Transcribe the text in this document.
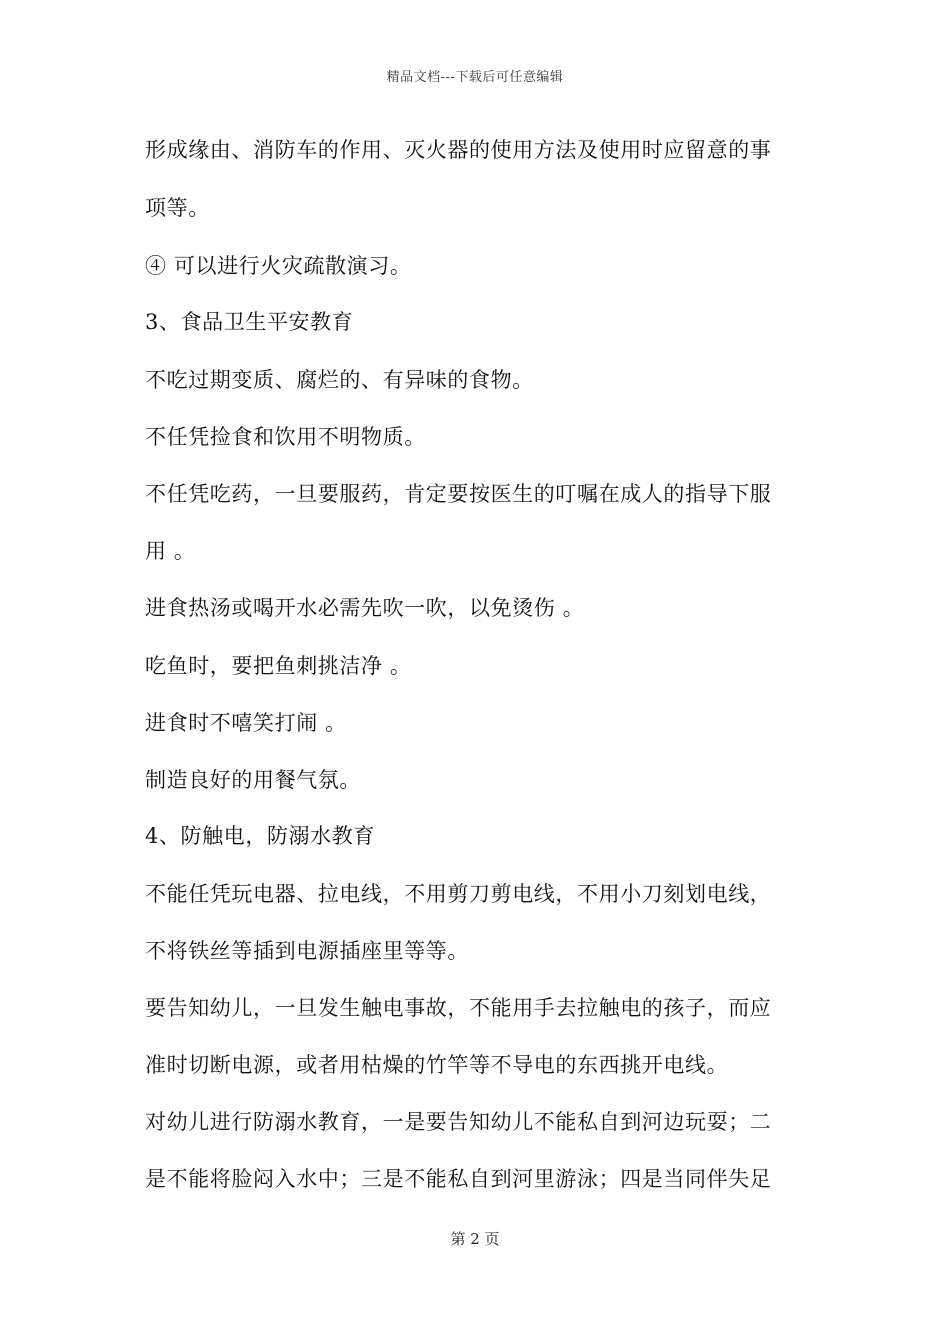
精品文档---下载后可任意编辑
形成缘由、消防车的作用、灭火器的使用方法及使用时应留意的事
项等。
④ 可以进行火灾疏散演习。
3、食品卫生平安教育
不吃过期变质、腐烂的、有异味的食物。
不任凭捡食和饮用不明物质。
不任凭吃药，一旦要服药，肯定要按医生的叮嘱在成人的指导下服
用 。
进食热汤或喝开水必需先吹一吹，以免烫伤 。
吃鱼时，要把鱼刺挑洁净 。
进食时不嘻笑打闹 。
制造良好的用餐气氛。
4、防触电，防溺水教育
不能任凭玩电器、拉电线，不用剪刀剪电线，不用小刀刻划电线，
不将铁丝等插到电源插座里等等。
要告知幼儿，一旦发生触电事故，不能用手去拉触电的孩子，而应
准时切断电源，或者用枯燥的竹竿等不导电的东西挑开电线。
对幼儿进行防溺水教育，一是要告知幼儿不能私自到河边玩耍；二
是不能将脸闷入水中；三是不能私自到河里游泳；四是当同伴失足
第 2 页
